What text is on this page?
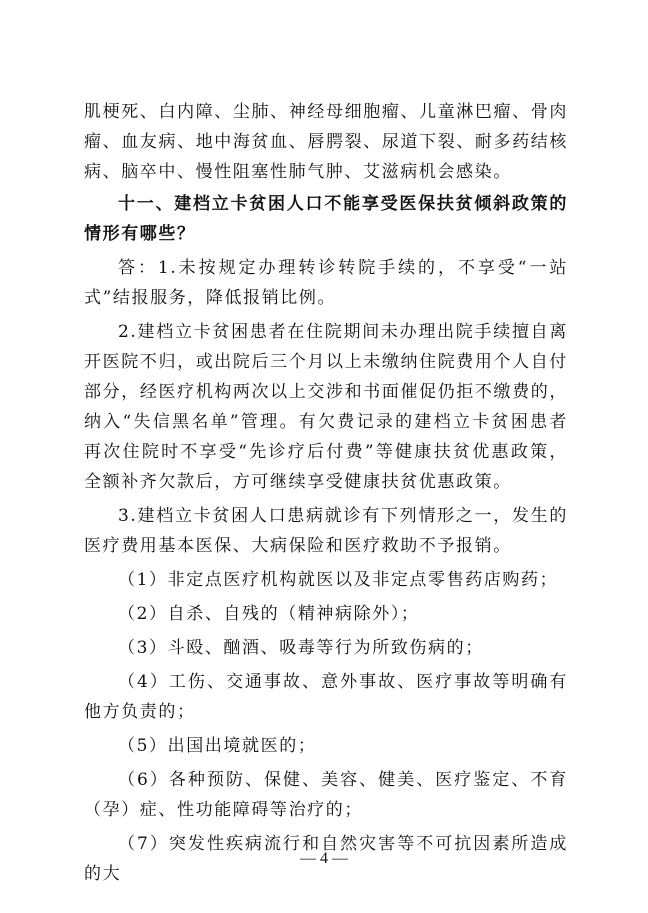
肌梗死、白内障、尘肺、神经母细胞瘤、儿童淋巴瘤、骨肉瘤、血友病、地中海贫血、唇腭裂、尿道下裂、耐多药结核病、脑卒中、慢性阻塞性肺气肿、艾滋病机会感染。

十一、建档立卡贫困人口不能享受医保扶贫倾斜政策的情形有哪些？

答：1.未按规定办理转诊转院手续的，不享受“一站式”结报服务，降低报销比例。

2.建档立卡贫困患者在住院期间未办理出院手续擅自离开医院不归，或出院后三个月以上未缴纳住院费用个人自付部分，经医疗机构两次以上交涉和书面催促仍拒不缴费的，纳入“失信黑名单”管理。有欠费记录的建档立卡贫困患者再次住院时不享受“先诊疗后付费”等健康扶贫优惠政策，全额补齐欠款后，方可继续享受健康扶贫优惠政策。

3.建档立卡贫困人口患病就诊有下列情形之一，发生的医疗费用基本医保、大病保险和医疗救助不予报销。

（1）非定点医疗机构就医以及非定点零售药店购药；

（2）自杀、自残的（精神病除外）；

（3）斗殴、酗酒、吸毒等行为所致伤病的；

（4）工伤、交通事故、意外事故、医疗事故等明确有他方负责的；

（5）出国出境就医的；

（6）各种预防、保健、美容、健美、医疗鉴定、不育（孕）症、性功能障碍等治疗的；

（7）突发性疾病流行和自然灾害等不可抗因素所造成的大

— 4 —
